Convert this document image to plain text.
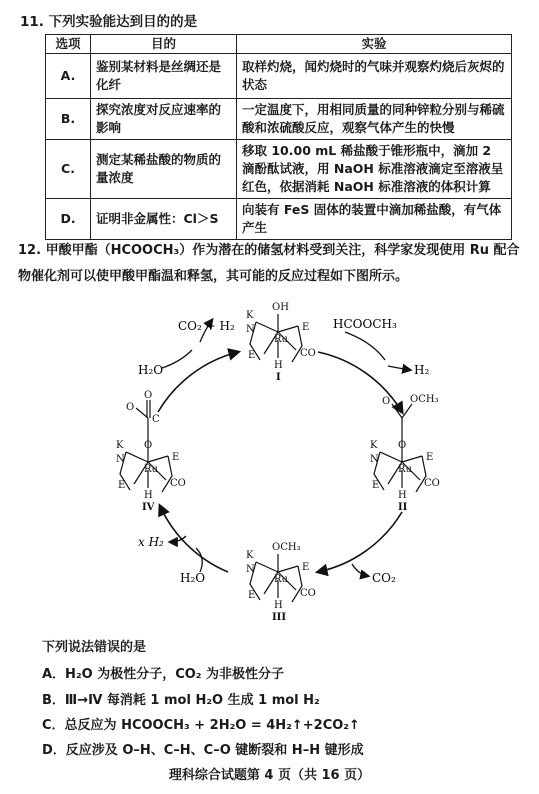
11. 下列实验能达到目的的是
选项	目的	实验
A.	鉴别某材料是丝绸还是化纤	取样灼烧，闻灼烧时的气味并观察灼烧后灰烬的状态
B.	探究浓度对反应速率的影响	一定温度下，用相同质量的同种锌粒分别与稀硫酸和浓硫酸反应，观察气体产生的快慢
C.	测定某稀盐酸的物质的量浓度	移取 10.00 mL 稀盐酸于锥形瓶中，滴加 2 滴酚酞试液，用 NaOH 标准溶液滴定至溶液呈红色，依据消耗 NaOH 标准溶液的体积计算
D.	证明非金属性：Cl＞S	向装有 FeS 固体的装置中滴加稀盐酸，有气体产生
12. 甲酸甲酯（HCOOCH₃）作为潜在的储氢材料受到关注，科学家发现使用 Ru 配合物催化剂可以使甲酸甲酯温和释氢，其可能的反应过程如下图所示。
CO₂ + H₂
H₂O
HCOOCH₃
H₂
CO₂
x H₂
H₂O
OH
K
N
Ru
E
E	CO
H
I
OCH₃
O
O
K
N
Ru
E
E	CO
H
II
OCH₃
K
N
Ru
E
E	CO
H
III
O
O
C
O
K
N
Ru
E
E	CO
H
IV
下列说法错误的是
A．H₂O 为极性分子，CO₂ 为非极性分子
B．Ⅲ→Ⅳ 每消耗 1 mol H₂O 生成 1 mol H₂
C．总反应为 HCOOCH₃ + 2H₂O = 4H₂↑+2CO₂↑
D．反应涉及 O–H、C–H、C–O 键断裂和 H–H 键形成
理科综合试题第 4 页（共 16 页）
